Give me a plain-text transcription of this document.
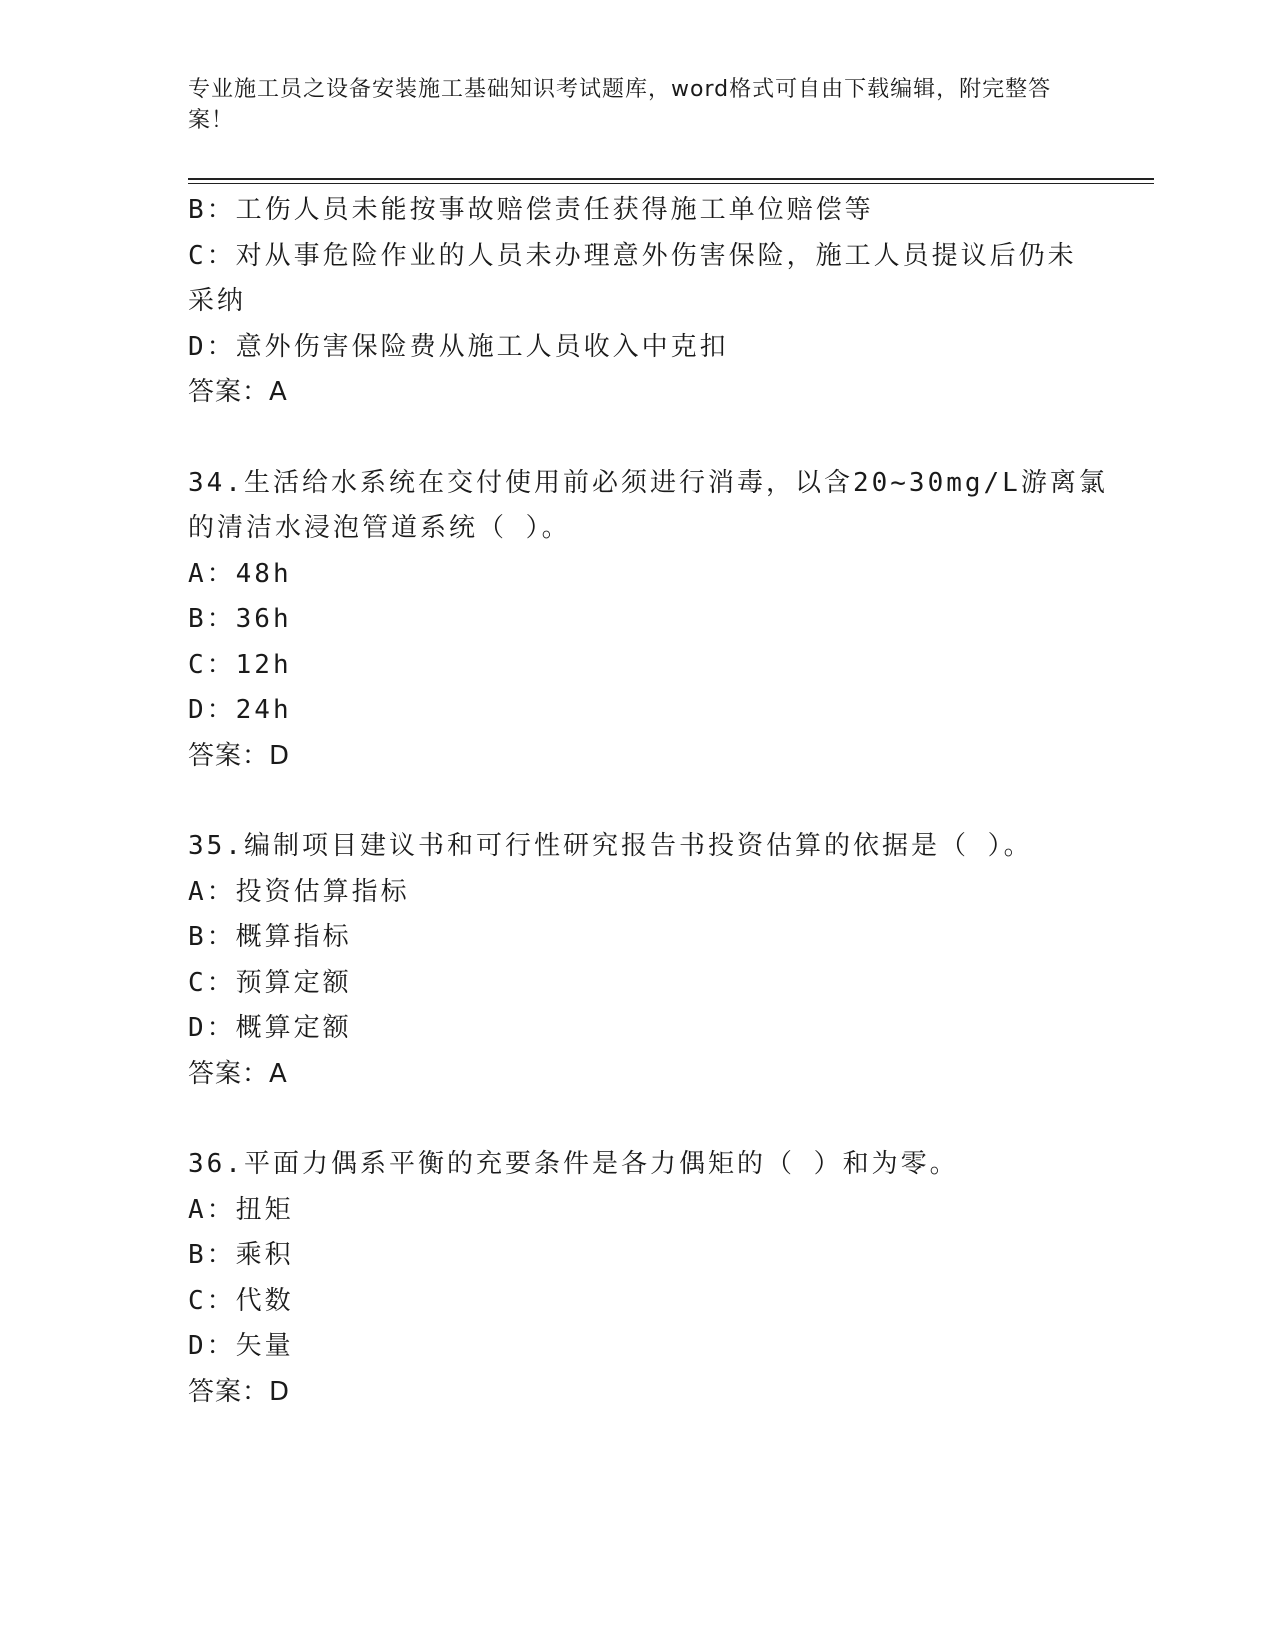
专业施工员之设备安装施工基础知识考试题库，word格式可自由下载编辑，附完整答案！
B：工伤人员未能按事故赔偿责任获得施工单位赔偿等
C：对从事危险作业的人员未办理意外伤害保险，施工人员提议后仍未
采纳
D：意外伤害保险费从施工人员收入中克扣
答案：A
34.生活给水系统在交付使用前必须进行消毒，以含20~30mg/L游离氯
的清洁水浸泡管道系统（ ）。
A：48h
B：36h
C：12h
D：24h
答案：D
35.编制项目建议书和可行性研究报告书投资估算的依据是（ ）。
A：投资估算指标
B：概算指标
C：预算定额
D：概算定额
答案：A
36.平面力偶系平衡的充要条件是各力偶矩的（ ）和为零。
A：扭矩
B：乘积
C：代数
D：矢量
答案：D
